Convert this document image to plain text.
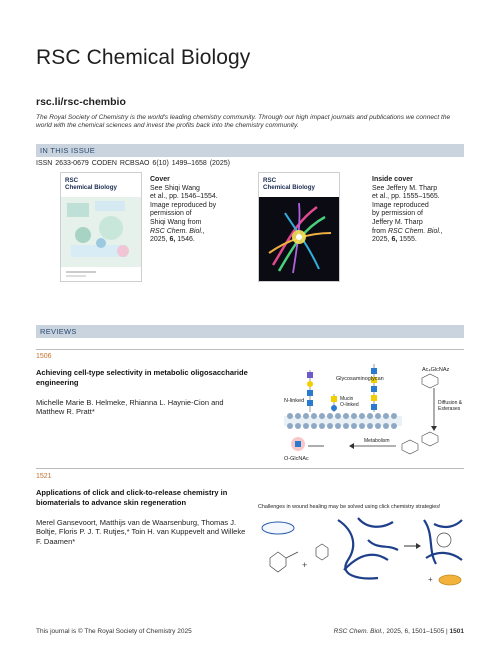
RSC Chemical Biology
rsc.li/rsc-chembio
The Royal Society of Chemistry is the world's leading chemistry community. Through our high impact journals and publications we connect the world with the chemical sciences and invest the profits back into the chemistry community.
IN THIS ISSUE
ISSN 2633-0679 CODEN RCBSAO 6(10) 1499–1658 (2025)
RSC
Chemical Biology
Cover
See Shiqi Wang
et al., pp. 1546–1554.
Image reproduced by
permission of
Shiqi Wang from
RSC Chem. Biol.,
2025, 6, 1546.
RSC
Chemical Biology
Inside cover
See Jeffery M. Tharp
et al., pp. 1555–1565.
Image reproduced
by permission of
Jeffery M. Tharp
from RSC Chem. Biol.,
2025, 6, 1555.
REVIEWS
1506
Achieving cell-type selectivity in metabolic oligosaccharide engineering
Michelle Marie B. Helmeke, Rhianna L. Haynie-Cion and Matthew R. Pratt*
Glycosaminoglycan
N-linked	Mucin
O-linked
Ac₄GlcNAz
Diffusion &
Esterases
Metabolism
O-GlcNAc
1521
Applications of click and click-to-release chemistry in biomaterials to advance skin regeneration
Merel Gansevoort, Matthijs van de Waarsenburg, Thomas J. Boltje, Floris P. J. T. Rutjes,* Toin H. van Kuppevelt and Willeke F. Daamen*
Challenges in wound healing may be solved using click chemistry strategies!
+
+
This journal is © The Royal Society of Chemistry 2025	RSC Chem. Biol., 2025, 6, 1501–1505 | 1501
